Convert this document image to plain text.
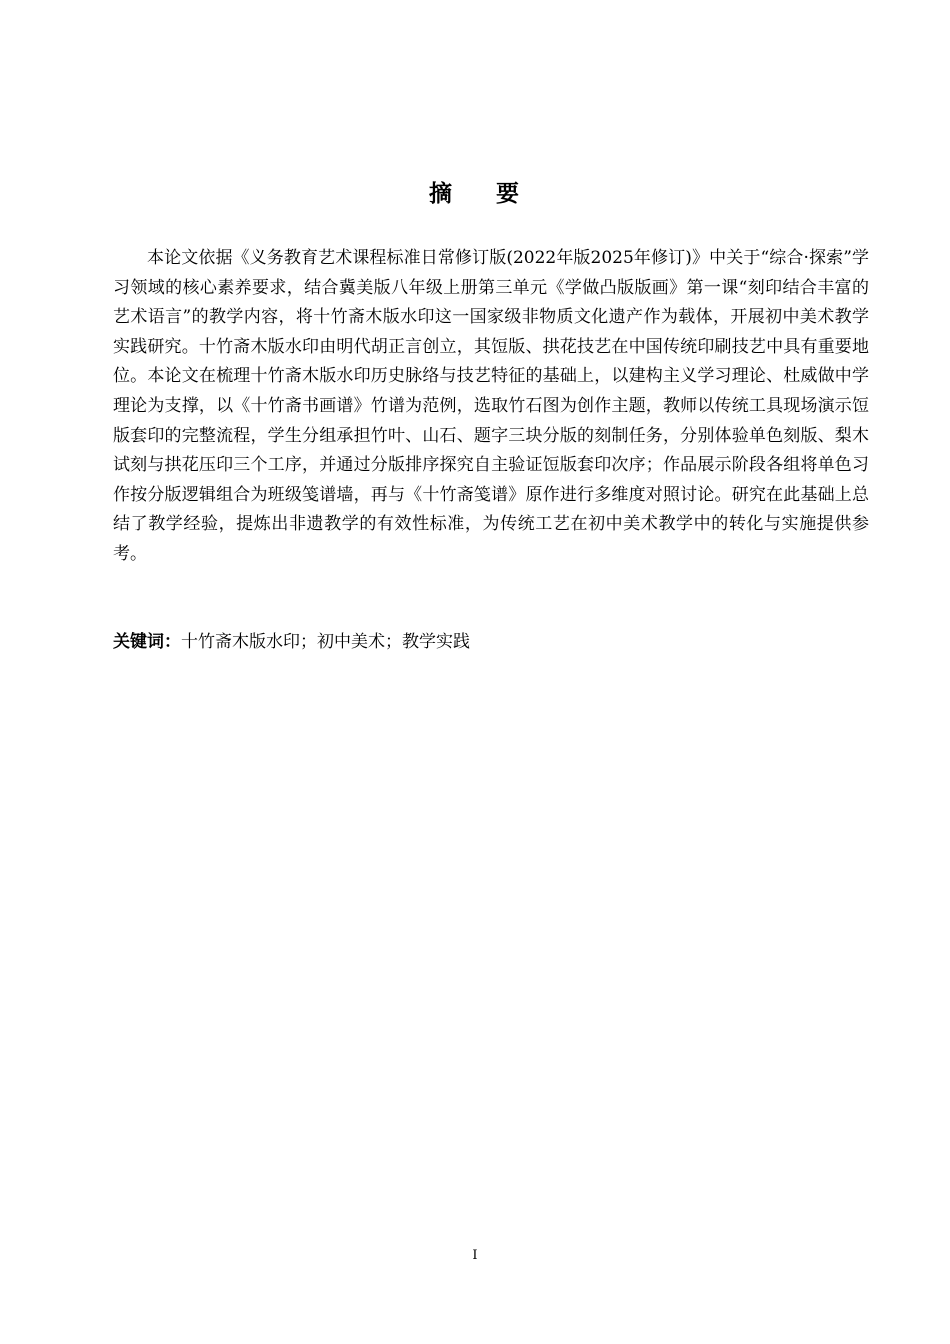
摘 要

本论文依据《义务教育艺术课程标准日常修订版(2022年版2025年修订)》中关于“综合·探索”学习领域的核心素养要求，结合冀美版八年级上册第三单元《学做凸版版画》第一课“刻印结合丰富的艺术语言”的教学内容，将十竹斋木版水印这一国家级非物质文化遗产作为载体，开展初中美术教学实践研究。十竹斋木版水印由明代胡正言创立，其饾版、拱花技艺在中国传统印刷技艺中具有重要地位。本论文在梳理十竹斋木版水印历史脉络与技艺特征的基础上，以建构主义学习理论、杜威做中学理论为支撑，以《十竹斋书画谱》竹谱为范例，选取竹石图为创作主题，教师以传统工具现场演示饾版套印的完整流程，学生分组承担竹叶、山石、题字三块分版的刻制任务，分别体验单色刻版、梨木试刻与拱花压印三个工序，并通过分版排序探究自主验证饾版套印次序；作品展示阶段各组将单色习作按分版逻辑组合为班级笺谱墙，再与《十竹斋笺谱》原作进行多维度对照讨论。研究在此基础上总结了教学经验，提炼出非遗教学的有效性标准，为传统工艺在初中美术教学中的转化与实施提供参考。

关键词：十竹斋木版水印；初中美术；教学实践

I
